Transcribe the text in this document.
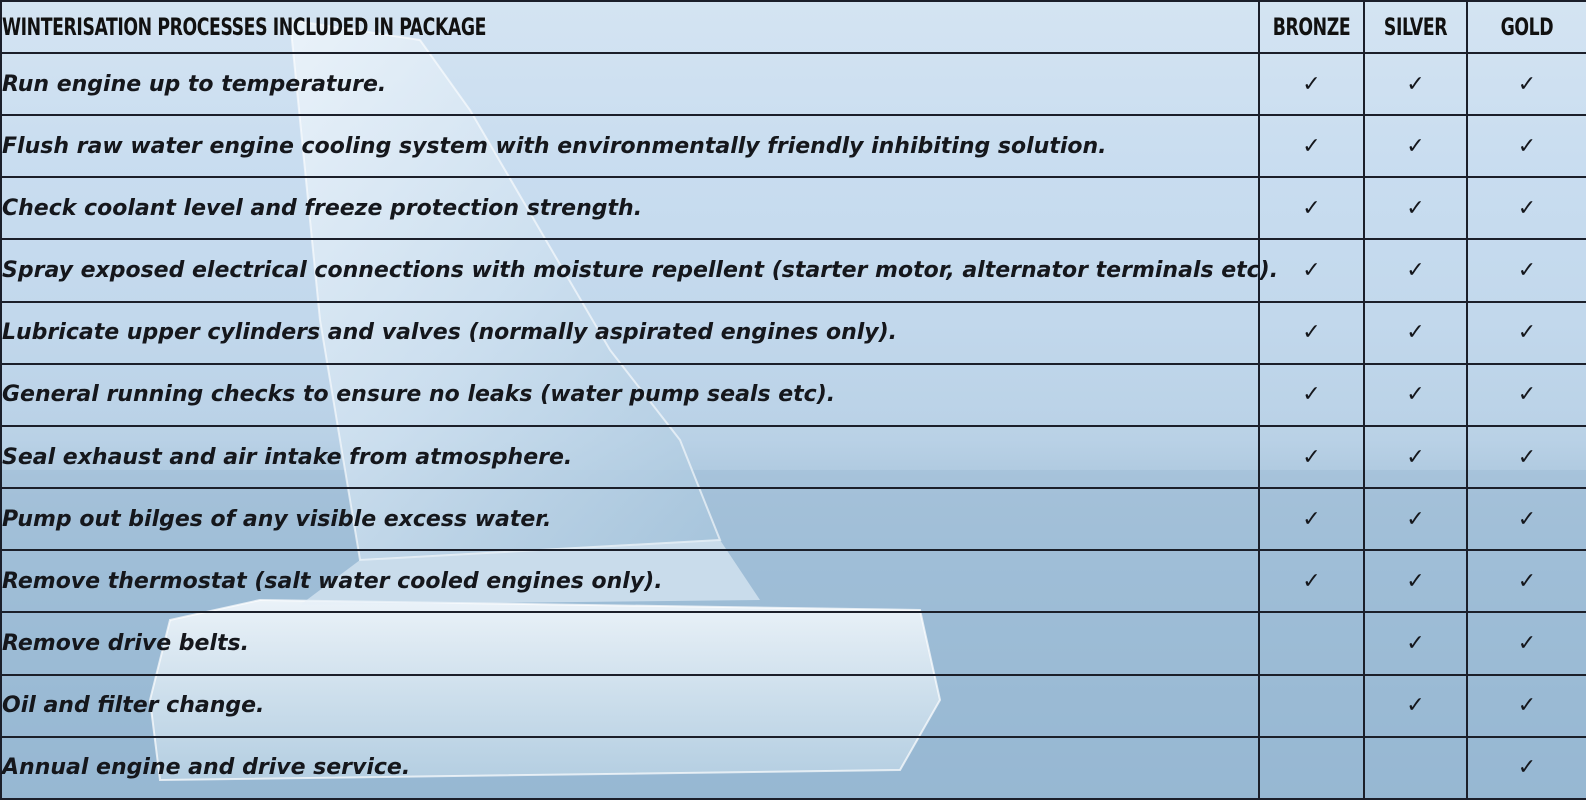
WINTERISATION PROCESSES INCLUDED IN PACKAGE	BRONZE	SILVER	GOLD
Run engine up to temperature.	✓	✓	✓
Flush raw water engine cooling system with environmentally friendly inhibiting solution.	✓	✓	✓
Check coolant level and freeze protection strength.	✓	✓	✓
Spray exposed electrical connections with moisture repellent (starter motor, alternator terminals etc).	✓	✓	✓
Lubricate upper cylinders and valves (normally aspirated engines only).	✓	✓	✓
General running checks to ensure no leaks (water pump seals etc).	✓	✓	✓
Seal exhaust and air intake from atmosphere.	✓	✓	✓
Pump out bilges of any visible excess water.	✓	✓	✓
Remove thermostat (salt water cooled engines only).	✓	✓	✓
Remove drive belts.		✓	✓
Oil and filter change.		✓	✓
Annual engine and drive service.			✓
